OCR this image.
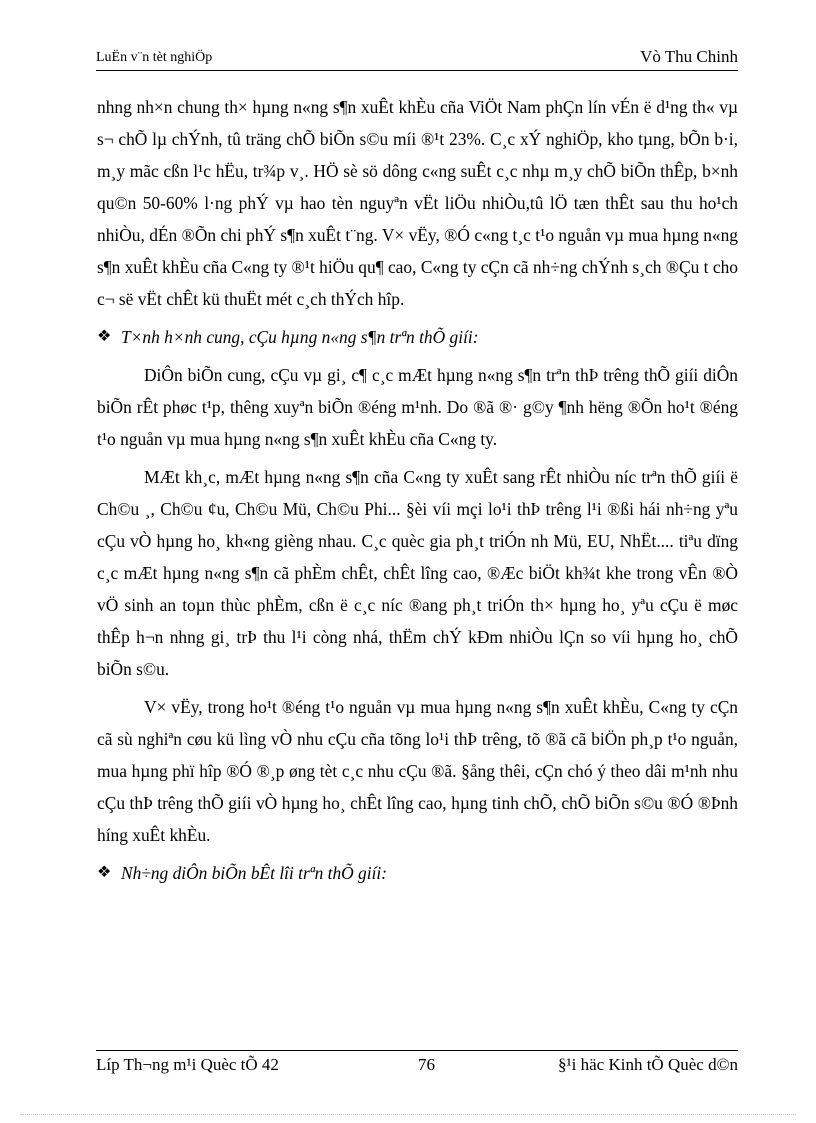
LuËn v¨n tèt nghiÖp	Vò Thu Chinh

nhng nh×n chung th× hµng n«ng s¶n xuÊt khÈu cña ViÖt Nam phÇn lín vÉn ë d¹ng th« vµ s¬ chÕ lµ chÝnh, tû träng chÕ biÕn s©u míi ®¹t 23%. C¸c xÝ nghiÖp, kho tµng, bÕn b·i, m¸y mãc cßn l¹c hËu, tr¾p v¸. HÖ sè sö dông c«ng suÊt c¸c nhµ m¸y chÕ biÕn thÊp, b×nh qu©n 50-60% l·ng phÝ vµ hao tèn nguyªn vËt liÖu nhiÒu,tû lÖ tæn thÊt sau thu ho¹ch nhiÒu, dÉn ®Õn chi phÝ s¶n xuÊt t¨ng. V× vËy, ®Ó c«ng t¸c t¹o nguån vµ mua hµng n«ng s¶n xuÊt khÈu cña C«ng ty ®¹t hiÖu qu¶ cao, C«ng ty cÇn cã nh÷ng chÝnh s¸ch ®Çu t cho c¬ së vËt chÊt kü thuËt mét c¸ch thÝch hîp.

❖ T×nh h×nh cung, cÇu hµng n«ng s¶n trªn thÕ giíi:

DiÔn biÕn cung, cÇu vµ gi¸ c¶ c¸c mÆt hµng n«ng s¶n trªn thÞ trêng thÕ giíi diÔn biÕn rÊt phøc t¹p, thêng xuyªn biÕn ®éng m¹nh. Do ®ã ®· g©y ¶nh hëng ®Õn ho¹t ®éng t¹o nguån vµ mua hµng n«ng s¶n xuÊt khÈu cña C«ng ty.

MÆt kh¸c, mÆt hµng n«ng s¶n cña C«ng ty xuÊt sang rÊt nhiÒu níc trªn thÕ giíi ë Ch©u ¸, Ch©u ¢u, Ch©u Mü, Ch©u Phi... §èi víi mçi lo¹i thÞ trêng l¹i ®ßi hái nh÷ng yªu cÇu vÒ hµng ho¸ kh«ng gièng nhau. C¸c quèc gia ph¸t triÓn nh Mü, EU, NhËt.... tiªu dïng c¸c mÆt hµng n«ng s¶n cã phÈm chÊt, chÊt lîng cao, ®Æc biÖt kh¾t khe trong vÊn ®Ò vÖ sinh an toµn thùc phÈm, cßn ë c¸c níc ®ang ph¸t triÓn th× hµng ho¸ yªu cÇu ë møc thÊp h¬n nhng gi¸ trÞ thu l¹i còng nhá, thËm chÝ kÐm nhiÒu lÇn so víi hµng ho¸ chÕ biÕn s©u.

V× vËy, trong ho¹t ®éng t¹o nguån vµ mua hµng n«ng s¶n xuÊt khÈu, C«ng ty cÇn cã sù nghiªn cøu kü lìng vÒ nhu cÇu cña tõng lo¹i thÞ trêng, tõ ®ã cã biÖn ph¸p t¹o nguån, mua hµng phï hîp ®Ó ®¸p øng tèt c¸c nhu cÇu ®ã. §ång thêi, cÇn chó ý theo dâi m¹nh nhu cÇu thÞ trêng thÕ giíi vÒ hµng ho¸ chÊt lîng cao, hµng tinh chÕ, chÕ biÕn s©u ®Ó ®Þnh híng xuÊt khÈu.

❖ Nh÷ng diÔn biÕn bÊt lîi trªn thÕ giíi:
Líp Th¬ng m¹i Quèc tÕ 42	76	§¹i häc Kinh tÕ Quèc d©n
